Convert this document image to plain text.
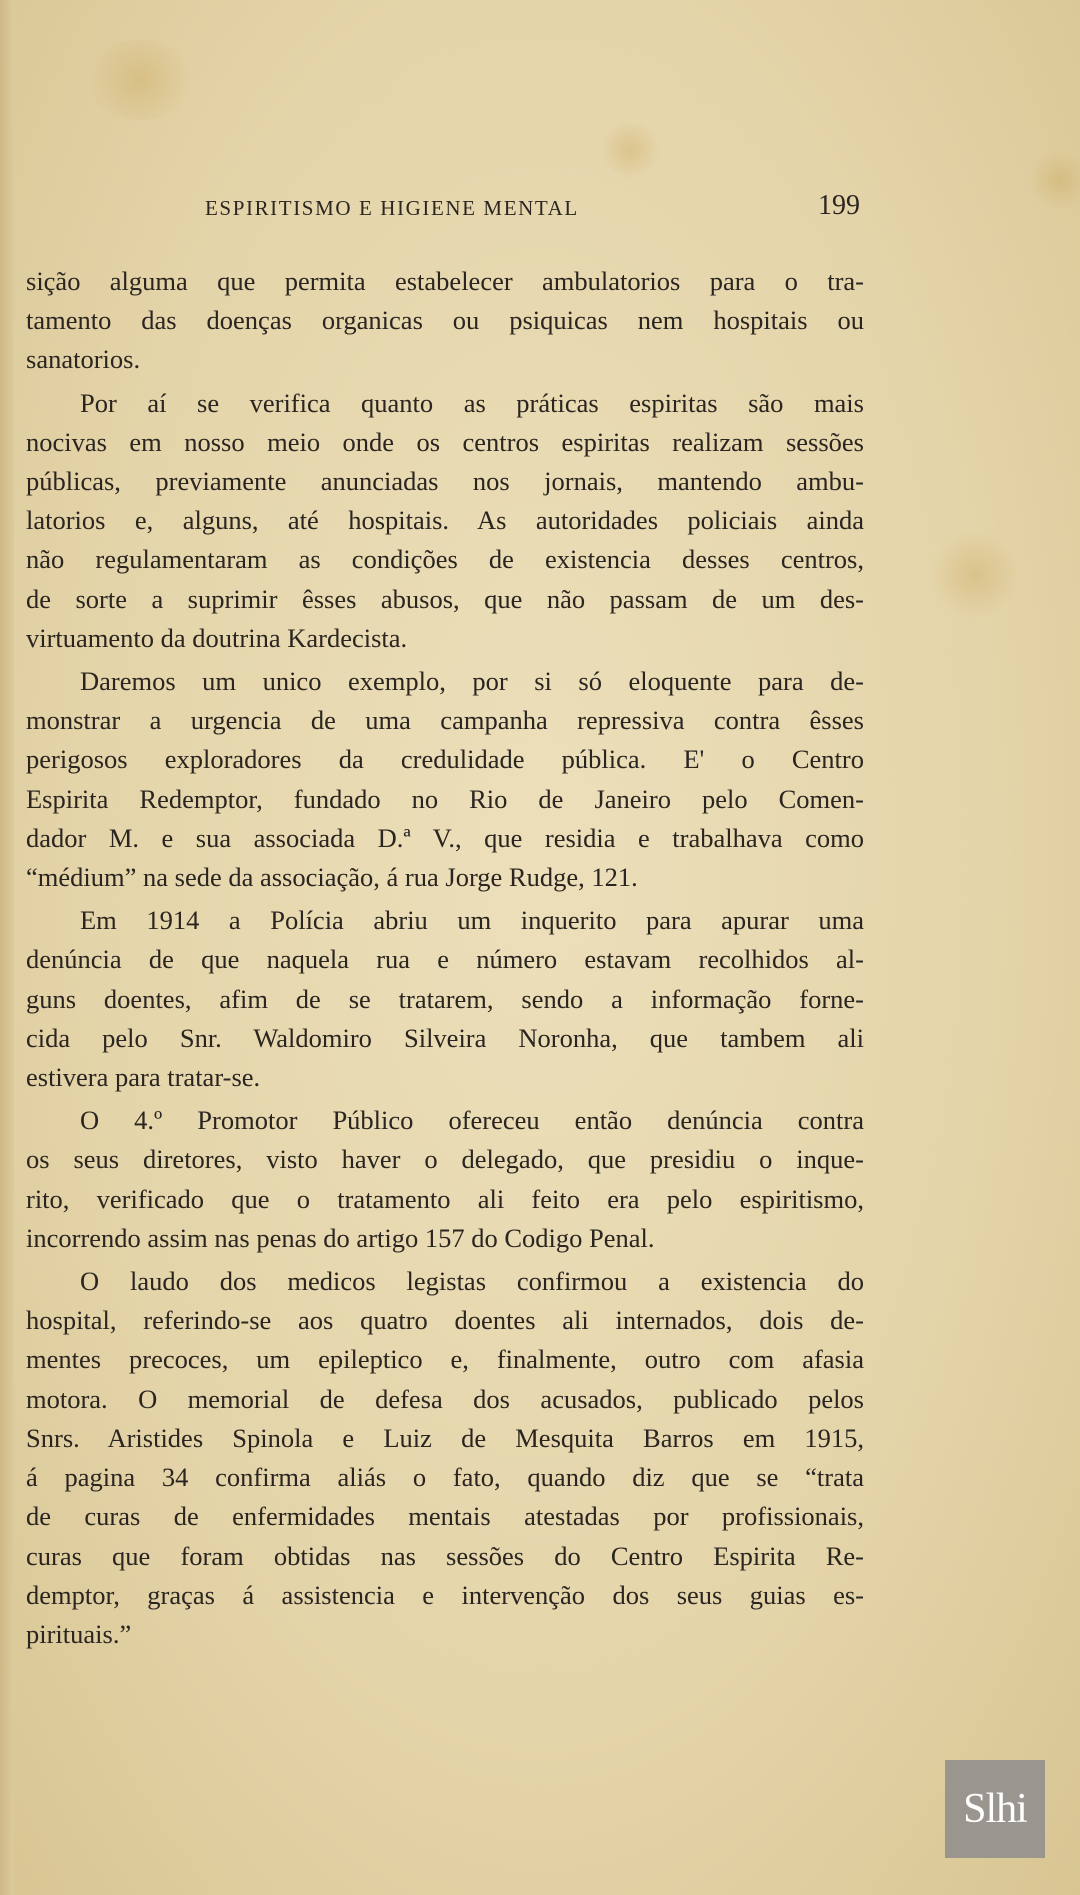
ESPIRITISMO E HIGIENE MENTAL	199
sição alguma que permita estabelecer ambulatorios para o tra-
tamento das doenças organicas ou psiquicas nem hospitais ou
sanatorios.
Por aí se verifica quanto as práticas espiritas são mais
nocivas em nosso meio onde os centros espiritas realizam sessões
públicas, previamente anunciadas nos jornais, mantendo ambu-
latorios e, alguns, até hospitais. As autoridades policiais ainda
não regulamentaram as condições de existencia desses centros,
de sorte a suprimir êsses abusos, que não passam de um des-
virtuamento da doutrina Kardecista.
Daremos um unico exemplo, por si só eloquente para de-
monstrar a urgencia de uma campanha repressiva contra êsses
perigosos exploradores da credulidade pública. E' o Centro
Espirita Redemptor, fundado no Rio de Janeiro pelo Comen-
dador M. e sua associada D.ª V., que residia e trabalhava como
“médium” na sede da associação, á rua Jorge Rudge, 121.
Em 1914 a Polícia abriu um inquerito para apurar uma
denúncia de que naquela rua e número estavam recolhidos al-
guns doentes, afim de se tratarem, sendo a informação forne-
cida pelo Snr. Waldomiro Silveira Noronha, que tambem ali
estivera para tratar-se.
O 4.º Promotor Público ofereceu então denúncia contra
os seus diretores, visto haver o delegado, que presidiu o inque-
rito, verificado que o tratamento ali feito era pelo espiritismo,
incorrendo assim nas penas do artigo 157 do Codigo Penal.
O laudo dos medicos legistas confirmou a existencia do
hospital, referindo-se aos quatro doentes ali internados, dois de-
mentes precoces, um epileptico e, finalmente, outro com afasia
motora. O memorial de defesa dos acusados, publicado pelos
Snrs. Aristides Spinola e Luiz de Mesquita Barros em 1915,
á pagina 34 confirma aliás o fato, quando diz que se “trata
de curas de enfermidades mentais atestadas por profissionais,
curas que foram obtidas nas sessões do Centro Espirita Re-
demptor, graças á assistencia e intervenção dos seus guias es-
pirituais.”
Slhi
